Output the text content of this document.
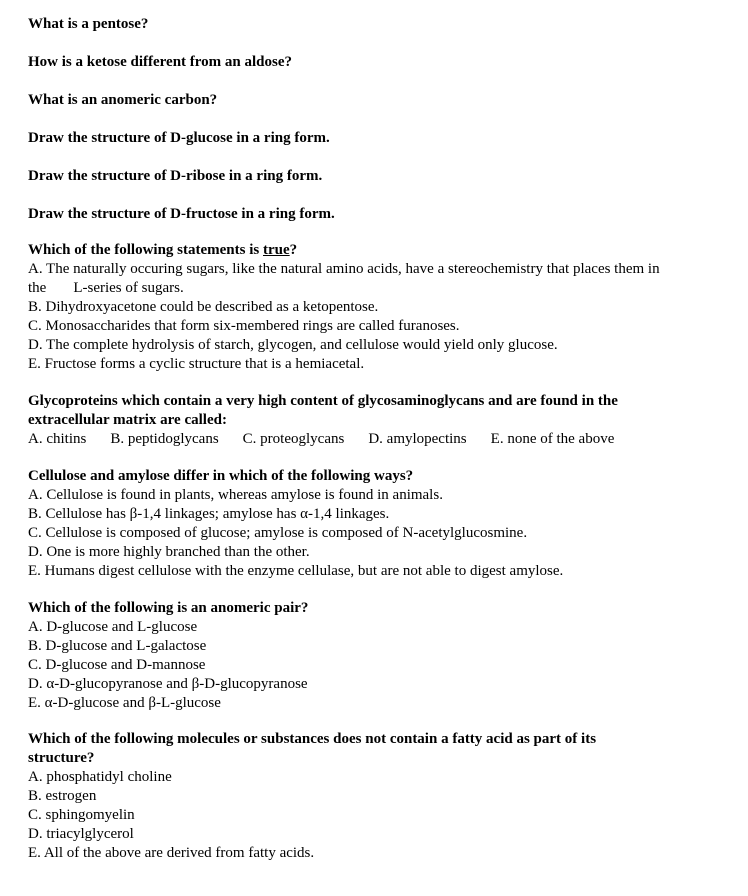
What is a pentose?

How is a ketose different from an aldose?

What is an anomeric carbon?

Draw the structure of D-glucose in a ring form.

Draw the structure of D-ribose in a ring form.

Draw the structure of D-fructose in a ring form.

Which of the following statements is true?

A. The naturally occuring sugars, like the natural amino acids, have a stereochemistry that places them in

the L-series of sugars.

B. Dihydroxyacetone could be described as a ketopentose.

C. Monosaccharides that form six-membered rings are called furanoses.

D. The complete hydrolysis of starch, glycogen, and cellulose would yield only glucose.

E. Fructose forms a cyclic structure that is a hemiacetal.

Glycoproteins which contain a very high content of glycosaminoglycans and are found in the

extracellular matrix are called:

A. chitins B. peptidoglycans C. proteoglycans D. amylopectins E. none of the above

Cellulose and amylose differ in which of the following ways?

A. Cellulose is found in plants, whereas amylose is found in animals.

B. Cellulose has β-1,4 linkages; amylose has α-1,4 linkages.

C. Cellulose is composed of glucose; amylose is composed of N-acetylglucosmine.

D. One is more highly branched than the other.

E. Humans digest cellulose with the enzyme cellulase, but are not able to digest amylose.

Which of the following is an anomeric pair?

A. D-glucose and L-glucose

B. D-glucose and L-galactose

C. D-glucose and D-mannose

D. α-D-glucopyranose and β-D-glucopyranose

E. α-D-glucose and β-L-glucose

Which of the following molecules or substances does not contain a fatty acid as part of its

structure?

A. phosphatidyl choline

B. estrogen

C. sphingomyelin

D. triacylglycerol

E. All of the above are derived from fatty acids.
